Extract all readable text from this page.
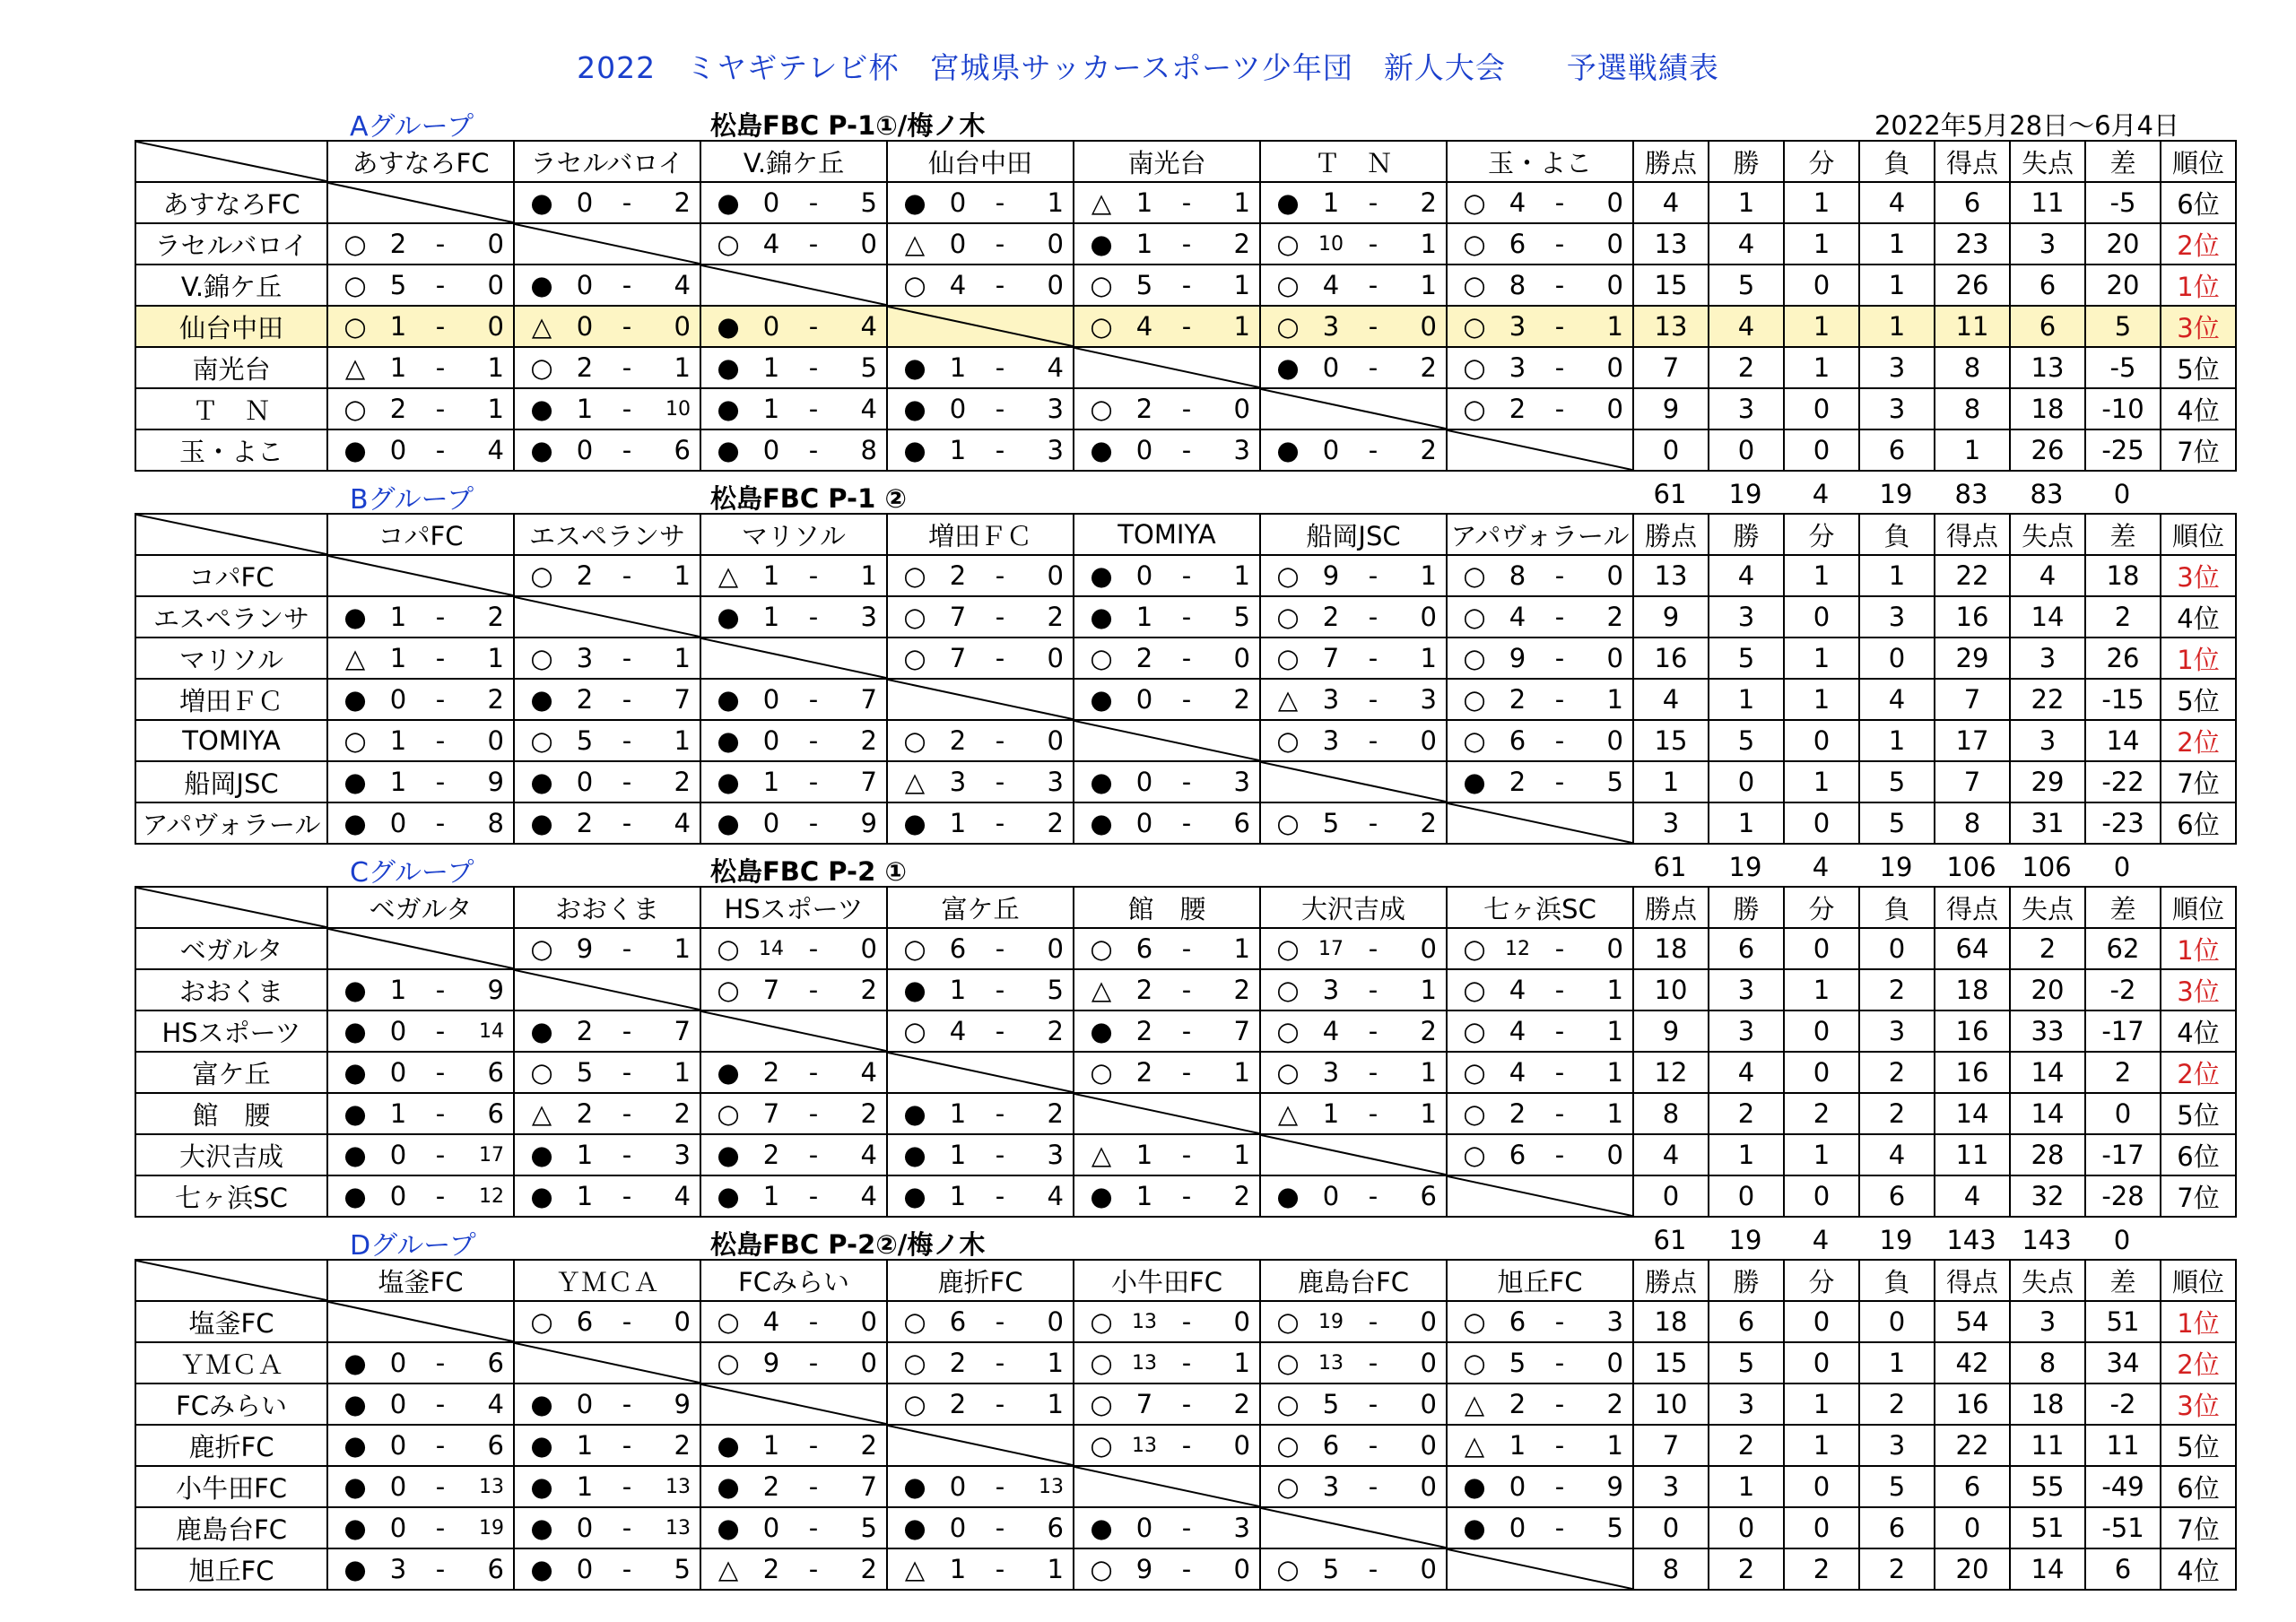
2022　ミヤギテレビ杯　宮城県サッカースポーツ少年団　新人大会　　予選戦績表
Aグループ	松島FBC P-1①/梅ノ木	2022年5月28日～6月4日
	あすなろFC	ラセルバロイ	V.錦ケ丘	仙台中田	南光台	Ｔ　Ｎ	玉・よこ	勝点	勝	分	負	得点	失点	差	順位
あすなろFC		● 0 - 2	● 0 - 5	● 0 - 1	△ 1 - 1	● 1 - 2	○ 4 - 0	4	1	1	4	6	11	-5	6位
ラセルバロイ	○ 2 - 0		○ 4 - 0	△ 0 - 0	● 1 - 2	○ 10 - 1	○ 6 - 0	13	4	1	1	23	3	20	2位
V.錦ケ丘	○ 5 - 0	● 0 - 4		○ 4 - 0	○ 5 - 1	○ 4 - 1	○ 8 - 0	15	5	0	1	26	6	20	1位
仙台中田	○ 1 - 0	△ 0 - 0	● 0 - 4		○ 4 - 1	○ 3 - 0	○ 3 - 1	13	4	1	1	11	6	5	3位
南光台	△ 1 - 1	○ 2 - 1	● 1 - 5	● 1 - 4		● 0 - 2	○ 3 - 0	7	2	1	3	8	13	-5	5位
Ｔ　Ｎ	○ 2 - 1	● 1 - 10	● 1 - 4	● 0 - 3	○ 2 - 0		○ 2 - 0	9	3	0	3	8	18	-10	4位
玉・よこ	● 0 - 4	● 0 - 6	● 0 - 8	● 1 - 3	● 0 - 3	● 0 - 2		0	0	0	6	1	26	-25	7位
Bグループ	松島FBC P-1 ②	61	19	4	19	83	83	0
	コパFC	エスペランサ	マリソル	増田ＦＣ	TOMIYA	船岡JSC	アパヴォラール	勝点	勝	分	負	得点	失点	差	順位
コパFC		○ 2 - 1	△ 1 - 1	○ 2 - 0	● 0 - 1	○ 9 - 1	○ 8 - 0	13	4	1	1	22	4	18	3位
エスペランサ	● 1 - 2		● 1 - 3	○ 7 - 2	● 1 - 5	○ 2 - 0	○ 4 - 2	9	3	0	3	16	14	2	4位
マリソル	△ 1 - 1	○ 3 - 1		○ 7 - 0	○ 2 - 0	○ 7 - 1	○ 9 - 0	16	5	1	0	29	3	26	1位
増田ＦＣ	● 0 - 2	● 2 - 7	● 0 - 7		● 0 - 2	△ 3 - 3	○ 2 - 1	4	1	1	4	7	22	-15	5位
TOMIYA	○ 1 - 0	○ 5 - 1	● 0 - 2	○ 2 - 0		○ 3 - 0	○ 6 - 0	15	5	0	1	17	3	14	2位
船岡JSC	● 1 - 9	● 0 - 2	● 1 - 7	△ 3 - 3	● 0 - 3		● 2 - 5	1	0	1	5	7	29	-22	7位
アパヴォラール	● 0 - 8	● 2 - 4	● 0 - 9	● 1 - 2	● 0 - 6	○ 5 - 2		3	1	0	5	8	31	-23	6位
Cグループ	松島FBC P-2 ①	61	19	4	19	106 106	0
	ベガルタ	おおくま	HSスポーツ	富ケ丘	館　腰	大沢吉成	七ヶ浜SC	勝点	勝	分	負	得点	失点	差	順位
ベガルタ		○ 9 - 1	○ 14 - 0	○ 6 - 0	○ 6 - 1	○ 17 - 0	○ 12 - 0	18	6	0	0	64	2	62	1位
おおくま	● 1 - 9		○ 7 - 2	● 1 - 5	△ 2 - 2	○ 3 - 1	○ 4 - 1	10	3	1	2	18	20	-2	3位
HSスポーツ	● 0 - 14	● 2 - 7		○ 4 - 2	● 2 - 7	○ 4 - 2	○ 4 - 1	9	3	0	3	16	33	-17	4位
富ケ丘	● 0 - 6	○ 5 - 1	● 2 - 4		○ 2 - 1	○ 3 - 1	○ 4 - 1	12	4	0	2	16	14	2	2位
館　腰	● 1 - 6	△ 2 - 2	○ 7 - 2	● 1 - 2		△ 1 - 1	○ 2 - 1	8	2	2	2	14	14	0	5位
大沢吉成	● 0 - 17	● 1 - 3	● 2 - 4	● 1 - 3	△ 1 - 1		○ 6 - 0	4	1	1	4	11	28	-17	6位
七ヶ浜SC	● 0 - 12	● 1 - 4	● 1 - 4	● 1 - 4	● 1 - 2	● 0 - 6		0	0	0	6	4	32	-28	7位
Dグループ	松島FBC P-2②/梅ノ木	61	19	4	19	143 143	0
	塩釜FC	ＹＭＣＡ	FCみらい	鹿折FC	小牛田FC	鹿島台FC	旭丘FC	勝点	勝	分	負	得点	失点	差	順位
塩釜FC		○ 6 - 0	○ 4 - 0	○ 6 - 0	○ 13 - 0	○ 19 - 0	○ 6 - 3	18	6	0	0	54	3	51	1位
ＹＭＣＡ	● 0 - 6		○ 9 - 0	○ 2 - 1	○ 13 - 1	○ 13 - 0	○ 5 - 0	15	5	0	1	42	8	34	2位
FCみらい	● 0 - 4	● 0 - 9		○ 2 - 1	○ 7 - 2	○ 5 - 0	△ 2 - 2	10	3	1	2	16	18	-2	3位
鹿折FC	● 0 - 6	● 1 - 2	● 1 - 2		○ 13 - 0	○ 6 - 0	△ 1 - 1	7	2	1	3	22	11	11	5位
小牛田FC	● 0 - 13	● 1 - 13	● 2 - 7	● 0 - 13		○ 3 - 0	● 0 - 9	3	1	0	5	6	55	-49	6位
鹿島台FC	● 0 - 19	● 0 - 13	● 0 - 5	● 0 - 6	● 0 - 3		● 0 - 5	0	0	0	6	0	51	-51	7位
旭丘FC	● 3 - 6	● 0 - 5	△ 2 - 2	△ 1 - 1	○ 9 - 0	○ 5 - 0		8	2	2	2	20	14	6	4位
